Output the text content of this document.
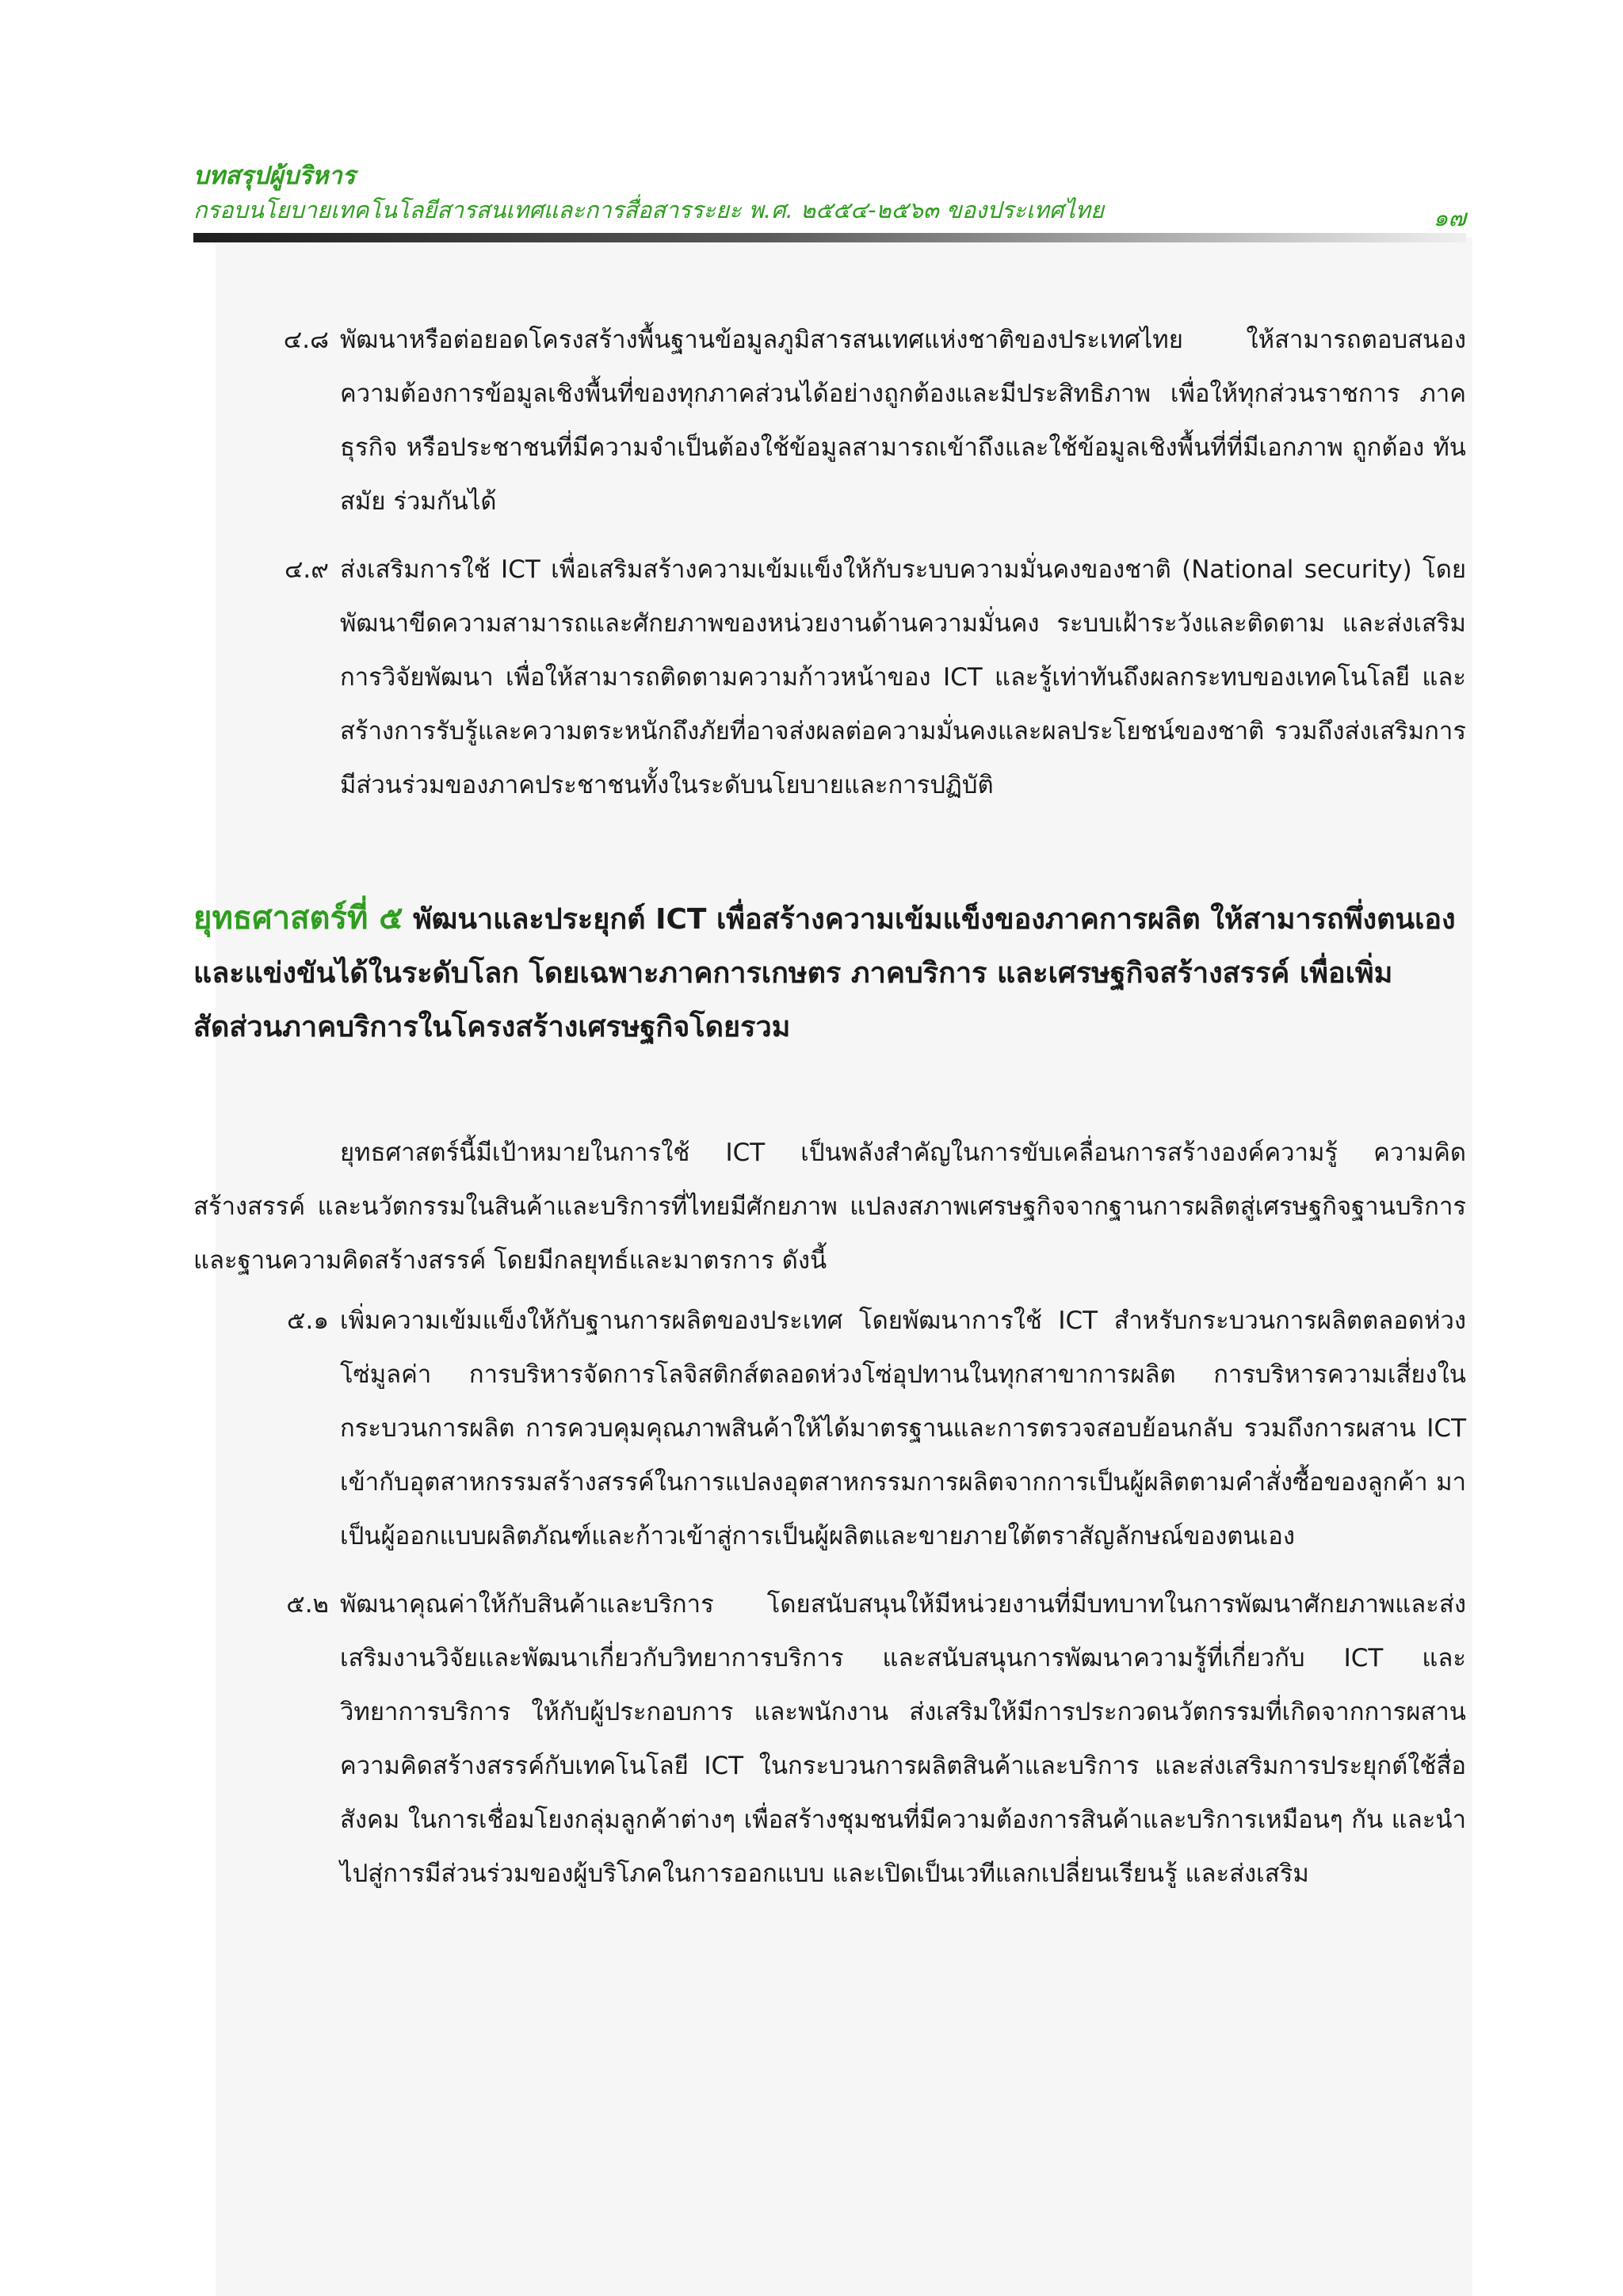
บทสรุปผู้บริหาร

กรอบนโยบายเทคโนโลยีสารสนเทศและการสื่อสารระยะ พ.ศ. ๒๕๕๔-๒๕๖๓ ของประเทศไทย	๑๗
๔.๘ พัฒนาหรือต่อยอดโครงสร้างพื้นฐานข้อมูลภูมิสารสนเทศแห่งชาติของประเทศไทย ให้สามารถตอบสนองความต้องการข้อมูลเชิงพื้นที่ของทุกภาคส่วนได้อย่างถูกต้องและมีประสิทธิภาพ เพื่อให้ทุกส่วนราชการ ภาคธุรกิจ หรือประชาชนที่มีความจำเป็นต้องใช้ข้อมูลสามารถเข้าถึงและใช้ข้อมูลเชิงพื้นที่ที่มีเอกภาพ ถูกต้อง ทันสมัย ร่วมกันได้

๔.๙ ส่งเสริมการใช้ ICT เพื่อเสริมสร้างความเข้มแข็งให้กับระบบความมั่นคงของชาติ (National security) โดยพัฒนาขีดความสามารถและศักยภาพของหน่วยงานด้านความมั่นคง ระบบเฝ้าระวังและติดตาม และส่งเสริมการวิจัยพัฒนา เพื่อให้สามารถติดตามความก้าวหน้าของ ICT และรู้เท่าทันถึงผลกระทบของเทคโนโลยี และสร้างการรับรู้และความตระหนักถึงภัยที่อาจส่งผลต่อความมั่นคงและผลประโยชน์ของชาติ รวมถึงส่งเสริมการมีส่วนร่วมของภาคประชาชนทั้งในระดับนโยบายและการปฏิบัติ

ยุทธศาสตร์ที่ ๕ พัฒนาและประยุกต์ ICT เพื่อสร้างความเข้มแข็งของภาคการผลิต ให้สามารถพึ่งตนเองและแข่งขันได้ในระดับโลก โดยเฉพาะภาคการเกษตร ภาคบริการ และเศรษฐกิจสร้างสรรค์ เพื่อเพิ่มสัดส่วนภาคบริการในโครงสร้างเศรษฐกิจโดยรวม

ยุทธศาสตร์นี้มีเป้าหมายในการใช้ ICT เป็นพลังสำคัญในการขับเคลื่อนการสร้างองค์ความรู้ ความคิดสร้างสรรค์ และนวัตกรรมในสินค้าและบริการที่ไทยมีศักยภาพ แปลงสภาพเศรษฐกิจจากฐานการผลิตสู่เศรษฐกิจฐานบริการและฐานความคิดสร้างสรรค์ โดยมีกลยุทธ์และมาตรการ ดังนี้

๕.๑ เพิ่มความเข้มแข็งให้กับฐานการผลิตของประเทศ โดยพัฒนาการใช้ ICT สำหรับกระบวนการผลิตตลอดห่วงโซ่มูลค่า การบริหารจัดการโลจิสติกส์ตลอดห่วงโซ่อุปทานในทุกสาขาการผลิต การบริหารความเสี่ยงในกระบวนการผลิต การควบคุมคุณภาพสินค้าให้ได้มาตรฐานและการตรวจสอบย้อนกลับ รวมถึงการผสาน ICT เข้ากับอุตสาหกรรมสร้างสรรค์ในการแปลงอุตสาหกรรมการผลิตจากการเป็นผู้ผลิตตามคำสั่งซื้อของลูกค้า มาเป็นผู้ออกแบบผลิตภัณฑ์และก้าวเข้าสู่การเป็นผู้ผลิตและขายภายใต้ตราสัญลักษณ์ของตนเอง

๕.๒ พัฒนาคุณค่าให้กับสินค้าและบริการ โดยสนับสนุนให้มีหน่วยงานที่มีบทบาทในการพัฒนาศักยภาพและส่งเสริมงานวิจัยและพัฒนาเกี่ยวกับวิทยาการบริการ และสนับสนุนการพัฒนาความรู้ที่เกี่ยวกับ ICT และวิทยาการบริการ ให้กับผู้ประกอบการ และพนักงาน ส่งเสริมให้มีการประกวดนวัตกรรมที่เกิดจากการผสานความคิดสร้างสรรค์กับเทคโนโลยี ICT ในกระบวนการผลิตสินค้าและบริการ และส่งเสริมการประยุกต์ใช้สื่อสังคม ในการเชื่อมโยงกลุ่มลูกค้าต่างๆ เพื่อสร้างชุมชนที่มีความต้องการสินค้าและบริการเหมือนๆ กัน และนำไปสู่การมีส่วนร่วมของผู้บริโภคในการออกแบบ และเปิดเป็นเวทีแลกเปลี่ยนเรียนรู้ และส่งเสริม
